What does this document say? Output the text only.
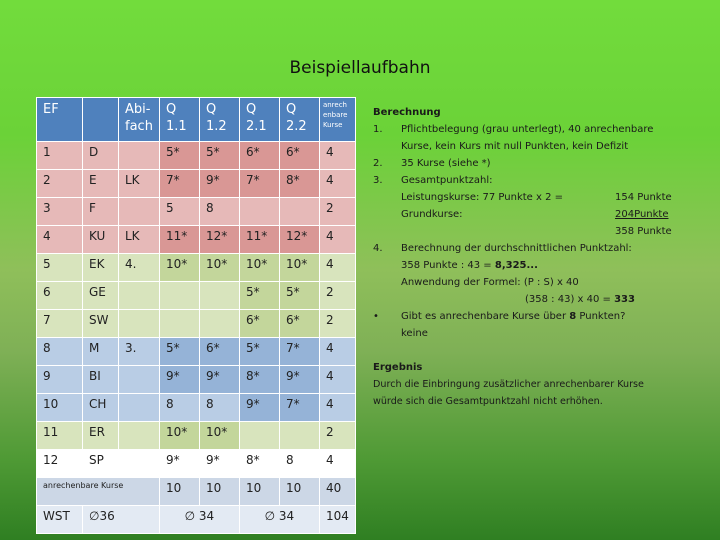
Beispiellaufbahn
EF		Abi-fach	Q 1.1	Q 1.2	Q 2.1	Q 2.2	anrech enbare Kurse
1	D		5*	5*	6*	6*	4
2	E	LK	7*	9*	7*	8*	4
3	F		5	8			2
4	KU	LK	11*	12*	11*	12*	4
5	EK	4.	10*	10*	10*	10*	4
6	GE				5*	5*	2
7	SW				6*	6*	2
8	M	3.	5*	6*	5*	7*	4
9	BI		9*	9*	8*	9*	4
10	CH		8	8	9*	7*	4
11	ER		10*	10*			2
12	SP		9*	9*	8*	8	4
anrechenbare Kurse			10	10	10	10	40
WST	∅36		∅ 34		∅ 34		104
Berechnung
1. Pflichtbelegung (grau unterlegt), 40 anrechenbare
Kurse, kein Kurs mit null Punkten, kein Defizit
2. 35 Kurse (siehe *)
3. Gesamtpunktzahl:
Leistungskurse: 77 Punkte x 2 =	154 Punkte
Grundkurse:	204Punkte
358 Punkte
4. Berechnung der durchschnittlichen Punktzahl:
358 Punkte : 43 = 8,325...
Anwendung der Formel: (P : S) x 40
(358 : 43) x 40 = 333
• Gibt es anrechenbare Kurse über 8 Punkten?
keine
Ergebnis
Durch die Einbringung zusätzlicher anrechenbarer Kurse
würde sich die Gesamtpunktzahl nicht erhöhen.
